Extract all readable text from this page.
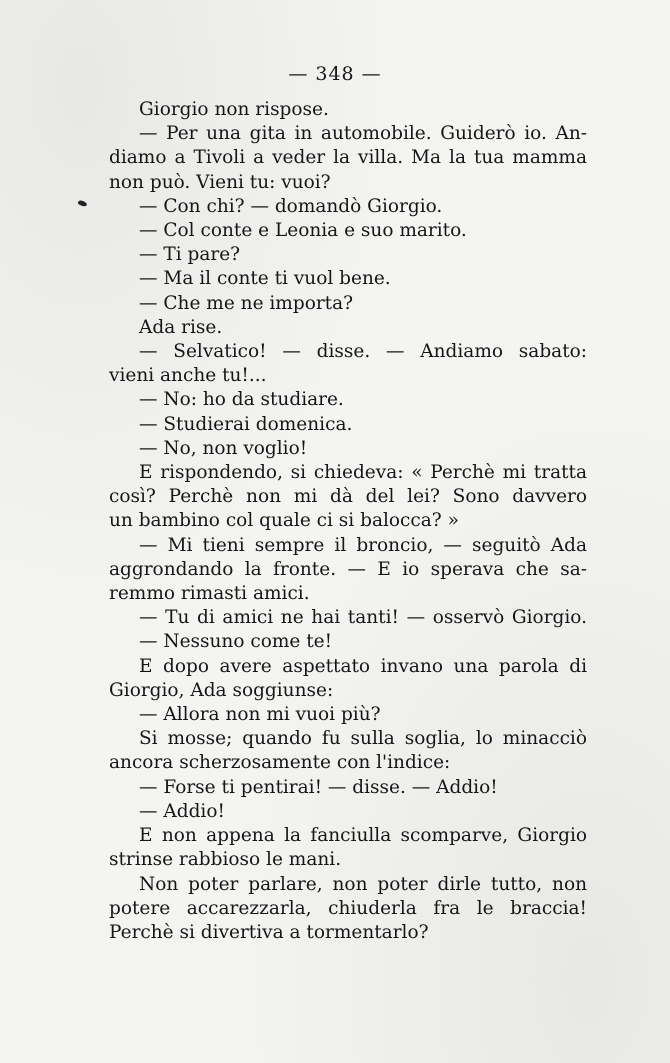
— 348 —

Giorgio non rispose.

— Per una gita in automobile. Guiderò io. An-

diamo a Tivoli a veder la villa. Ma la tua mamma

non può. Vieni tu: vuoi?

— Con chi? — domandò Giorgio.

— Col conte e Leonia e suo marito.

— Ti pare?

— Ma il conte ti vuol bene.

— Che me ne importa?

Ada rise.

— Selvatico! — disse. — Andiamo sabato:

vieni anche tu!...

— No: ho da studiare.

— Studierai domenica.

— No, non voglio!

E rispondendo, si chiedeva: « Perchè mi tratta

così? Perchè non mi dà del lei? Sono davvero

un bambino col quale ci si balocca? »

— Mi tieni sempre il broncio, — seguitò Ada

aggrondando la fronte. — E io sperava che sa-

remmo rimasti amici.

— Tu di amici ne hai tanti! — osservò Giorgio.

— Nessuno come te!

E dopo avere aspettato invano una parola di

Giorgio, Ada soggiunse:

— Allora non mi vuoi più?

Si mosse; quando fu sulla soglia, lo minacciò

ancora scherzosamente con l'indice:

— Forse ti pentirai! — disse. — Addio!

— Addio!

E non appena la fanciulla scomparve, Giorgio

strinse rabbioso le mani.

Non poter parlare, non poter dirle tutto, non

potere accarezzarla, chiuderla fra le braccia!

Perchè si divertiva a tormentarlo?
